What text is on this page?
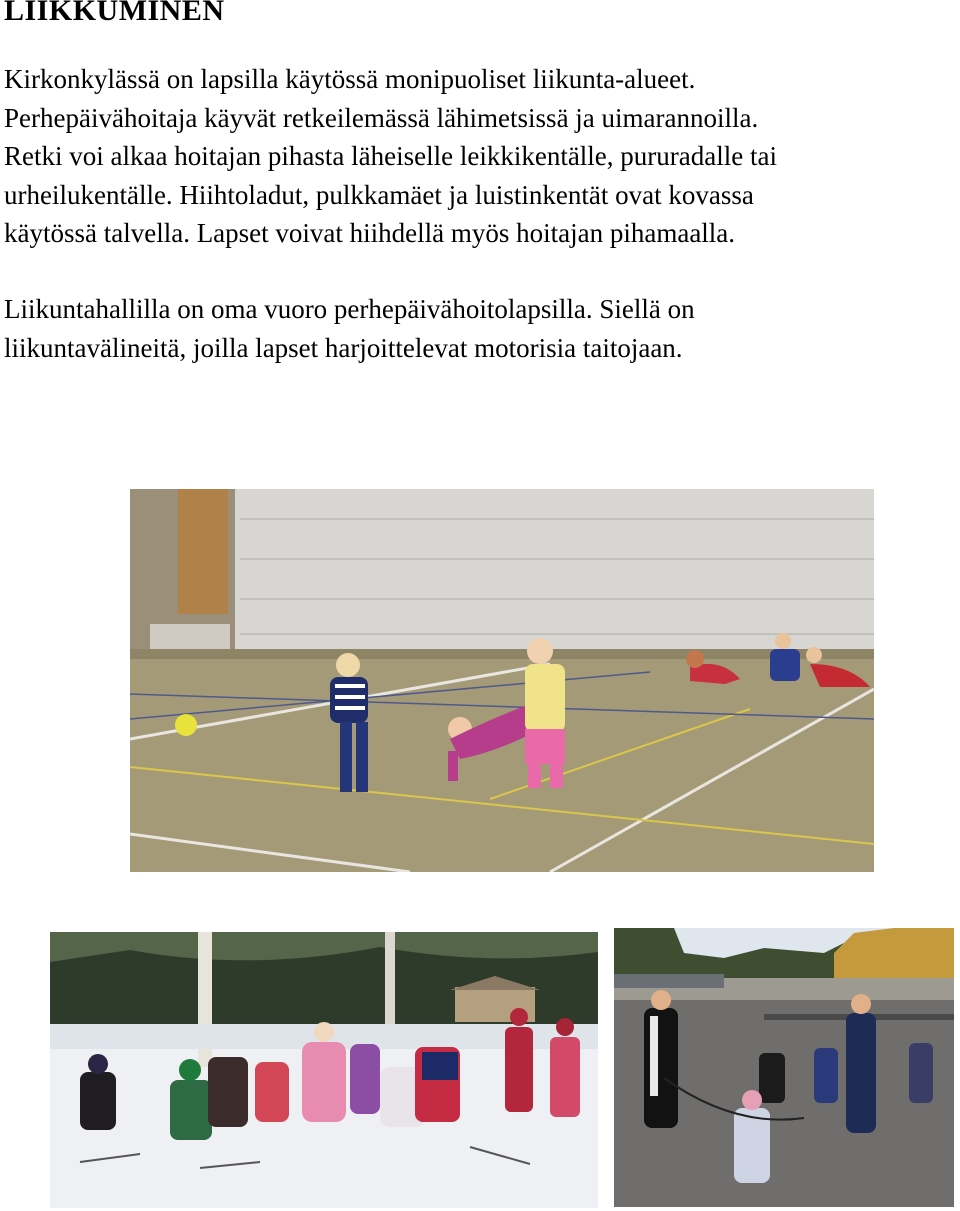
LIIKKUMINEN
Kirkonkylässä on lapsilla käytössä monipuoliset liikunta-alueet.
Perhepäivähoitaja käyvät retkeilemässä lähimetsissä ja uimarannoilla.
Retki voi alkaa hoitajan pihasta läheiselle leikkikentälle, pururadalle tai
urheilukentälle. Hiihtoladut, pulkkamäet ja luistinkentät ovat kovassa
käytössä talvella. Lapset voivat hiihdellä myös hoitajan pihamaalla.
Liikuntahallilla on oma vuoro perhepäivähoitolapsilla. Siellä on
liikuntavälineitä, joilla lapset harjoittelevat motorisia taitojaan.
